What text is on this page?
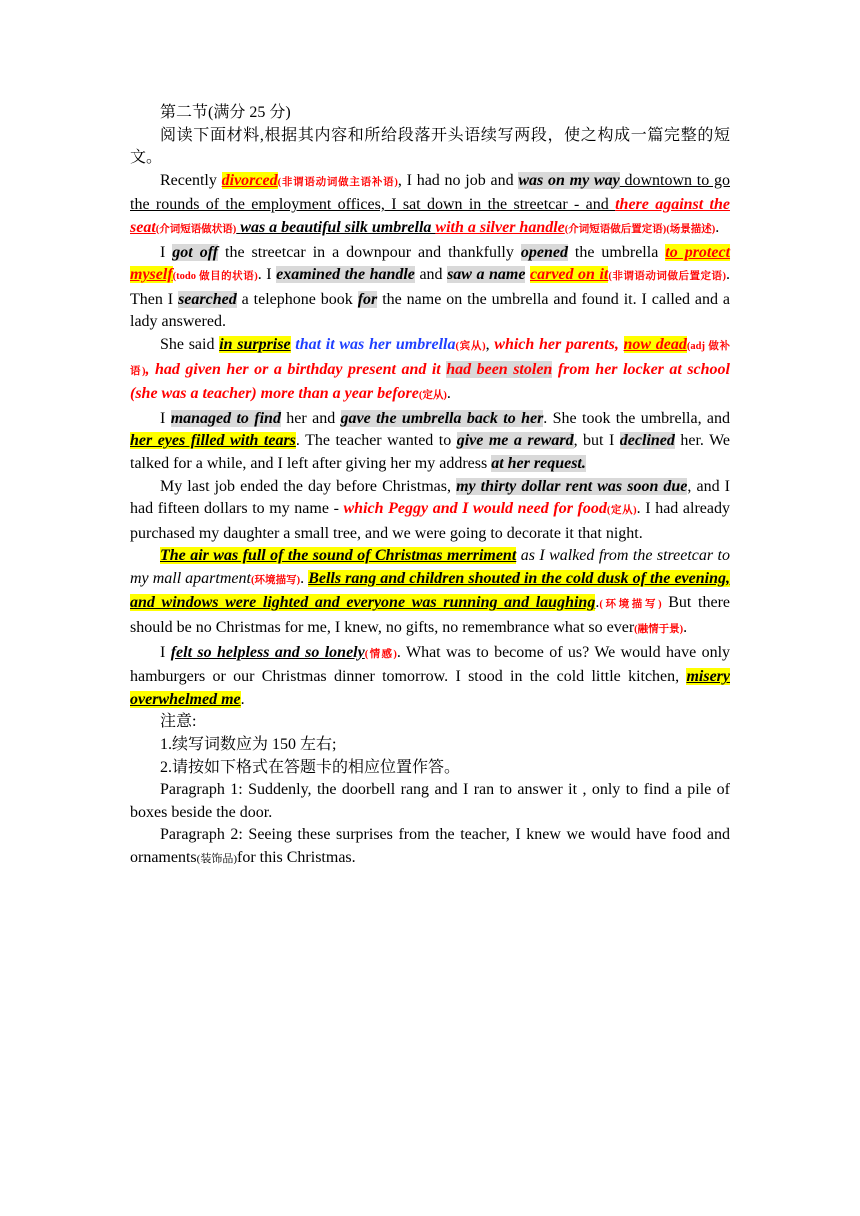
第二节(满分 25 分)

阅读下面材料,根据其内容和所给段落开头语续写两段，使之构成一篇完整的短文。

Recently divorced(非谓语动词做主语补语), I had no job and was on my way downtown to go the rounds of the employment offices, I sat down in the streetcar - and there against the seat(介词短语做状语) was a beautiful silk umbrella with a silver handle(介词短语做后置定语)(场景描述).

I got off the streetcar in a downpour and thankfully opened the umbrella to protect myself(todo 做目的状语). I examined the handle and saw a name carved on it(非谓语动词做后置定语). Then I searched a telephone book for the name on the umbrella and found it. I called and a lady answered.

She said in surprise that it was her umbrella(宾从), which her parents, now dead(adj 做补语), had given her or a birthday present and it had been stolen from her locker at school (she was a teacher) more than a year before(定从).

I managed to find her and gave the umbrella back to her. She took the umbrella, and her eyes filled with tears. The teacher wanted to give me a reward, but I declined her. We talked for a while, and I left after giving her my address at her request.

My last job ended the day before Christmas, my thirty dollar rent was soon due, and I had fifteen dollars to my name - which Peggy and I would need for food(定从). I had already purchased my daughter a small tree, and we were going to decorate it that night.

The air was full of the sound of Christmas merriment as I walked from the streetcar to my mall apartment(环境描写). Bells rang and children shouted in the cold dusk of the evening, and windows were lighted and everyone was running and laughing.(环境描写) But there should be no Christmas for me, I knew, no gifts, no remembrance what so ever(融情于景).

I felt so helpless and so lonely(情感). What was to become of us? We would have only hamburgers or our Christmas dinner tomorrow. I stood in the cold little kitchen, misery overwhelmed me.

注意:

1.续写词数应为 150 左右;

2.请按如下格式在答题卡的相应位置作答。

Paragraph 1: Suddenly, the doorbell rang and I ran to answer it , only to find a pile of boxes beside the door.

Paragraph 2: Seeing these surprises from the teacher, I knew we would have food and ornaments(装饰品)for this Christmas.
